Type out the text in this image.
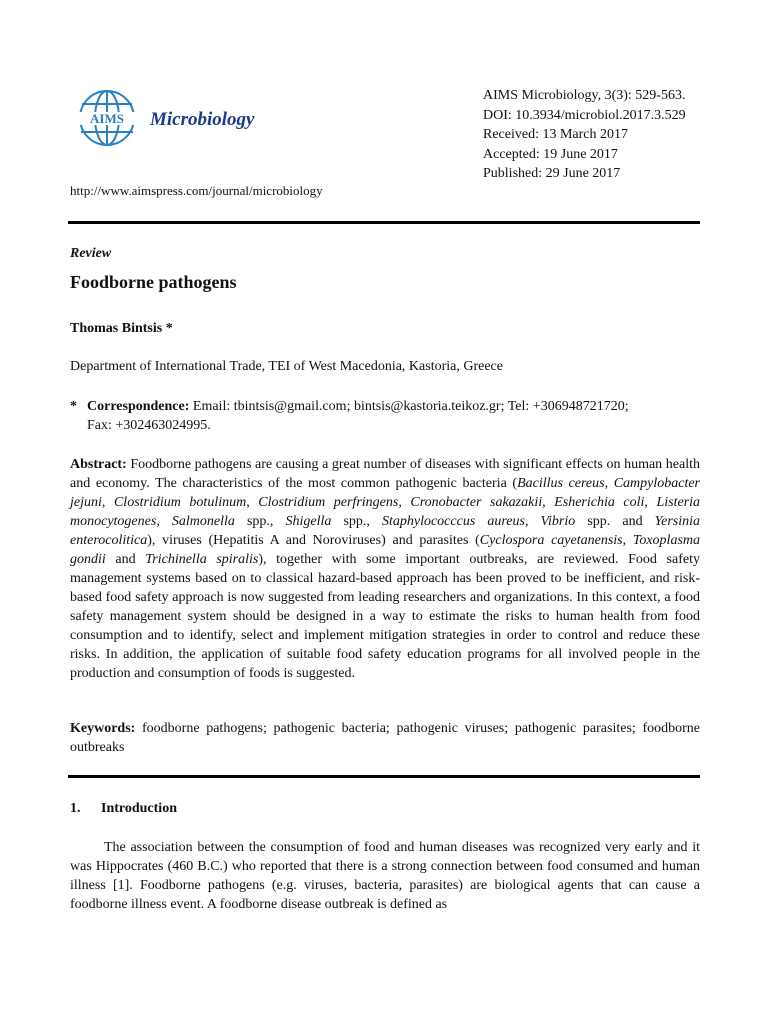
AIMS Microbiology
AIMS Microbiology, 3(3): 529-563.
DOI: 10.3934/microbiol.2017.3.529
Received: 13 March 2017
Accepted: 19 June 2017
Published: 29 June 2017
http://www.aimspress.com/journal/microbiology
Review
Foodborne pathogens
Thomas Bintsis *
Department of International Trade, TEI of West Macedonia, Kastoria, Greece
* Correspondence: Email: tbintsis@gmail.com; bintsis@kastoria.teikoz.gr; Tel: +306948721720;
Fax: +302463024995.
Abstract: Foodborne pathogens are causing a great number of diseases with significant effects on human health and economy. The characteristics of the most common pathogenic bacteria (Bacillus cereus, Campylobacter jejuni, Clostridium botulinum, Clostridium perfringens, Cronobacter sakazakii, Esherichia coli, Listeria monocytogenes, Salmonella spp., Shigella spp., Staphylococccus aureus, Vibrio spp. and Yersinia enterocolitica), viruses (Hepatitis A and Noroviruses) and parasites (Cyclospora cayetanensis, Toxoplasma gondii and Trichinella spiralis), together with some important outbreaks, are reviewed. Food safety management systems based on to classical hazard-based approach has been proved to be inefficient, and risk-based food safety approach is now suggested from leading researchers and organizations. In this context, a food safety management system should be designed in a way to estimate the risks to human health from food consumption and to identify, select and implement mitigation strategies in order to control and reduce these risks. In addition, the application of suitable food safety education programs for all involved people in the production and consumption of foods is suggested.
Keywords: foodborne pathogens; pathogenic bacteria; pathogenic viruses; pathogenic parasites; foodborne outbreaks
1. Introduction
The association between the consumption of food and human diseases was recognized very early and it was Hippocrates (460 B.C.) who reported that there is a strong connection between food consumed and human illness [1]. Foodborne pathogens (e.g. viruses, bacteria, parasites) are biological agents that can cause a foodborne illness event. A foodborne disease outbreak is defined as
